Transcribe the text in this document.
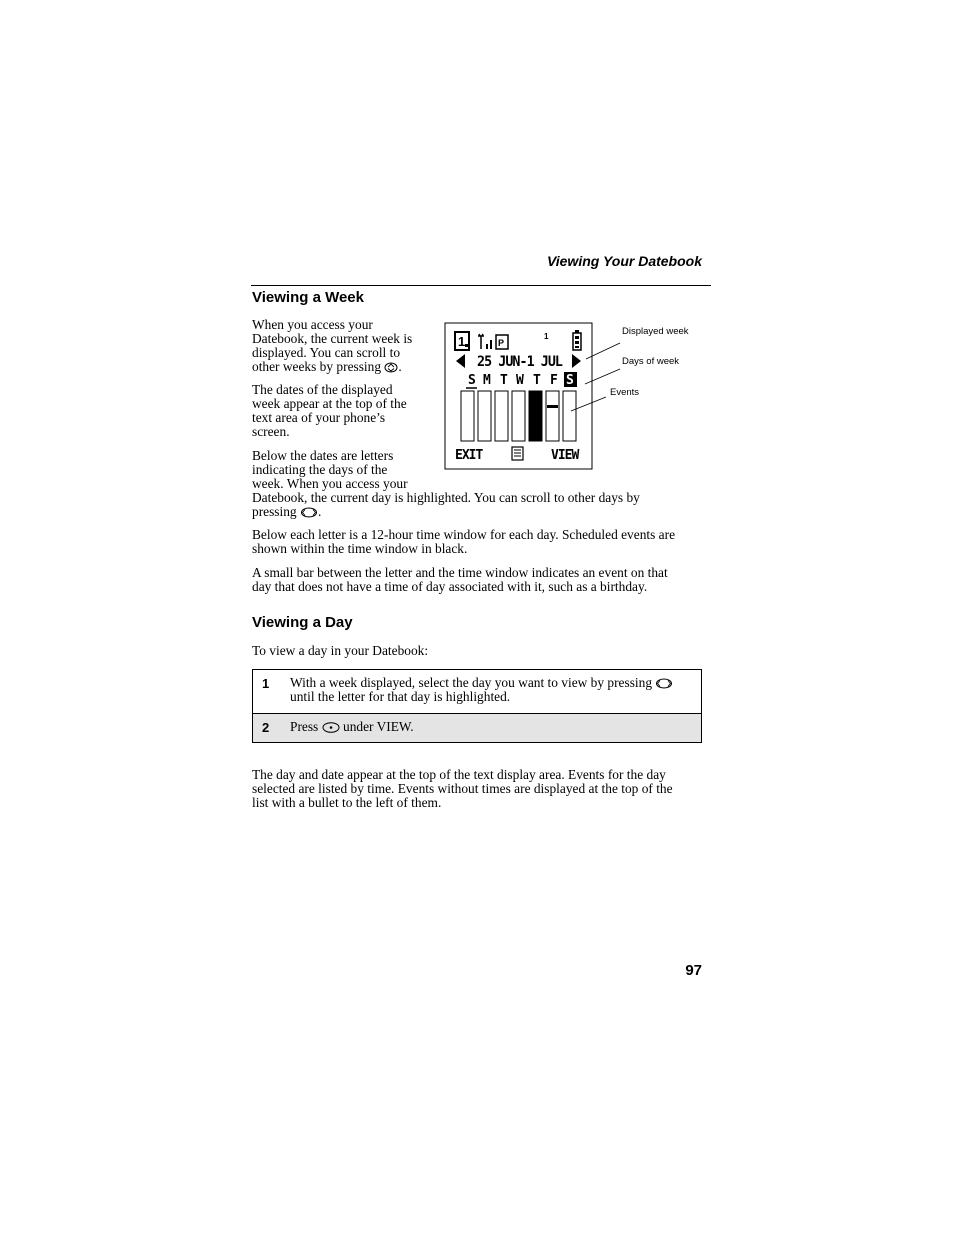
Viewing Your Datebook
Viewing a Week
When you access your
Datebook, the current week is
displayed. You can scroll to
other weeks by pressing .
The dates of the displayed
week appear at the top of the
text area of your phone’s
screen.
Below the dates are letters
indicating the days of the
week. When you access your
Datebook, the current day is highlighted. You can scroll to other days by
pressing .
Below each letter is a 12-hour time window for each day. Scheduled events are
shown within the time window in black.
A small bar between the letter and the time window indicates an event on that
day that does not have a time of day associated with it, such as a birthday.
1	P
1
25 JUN-1 JUL
S M T W T F S
EXIT	VIEW
Displayed week
Days of week
Events
Viewing a Day
To view a day in your Datebook:
1 With a week displayed, select the day you want to view by pressing
until the letter for that day is highlighted.
2 Press under VIEW.
The day and date appear at the top of the text display area. Events for the day
selected are listed by time. Events without times are displayed at the top of the
list with a bullet to the left of them.
97
